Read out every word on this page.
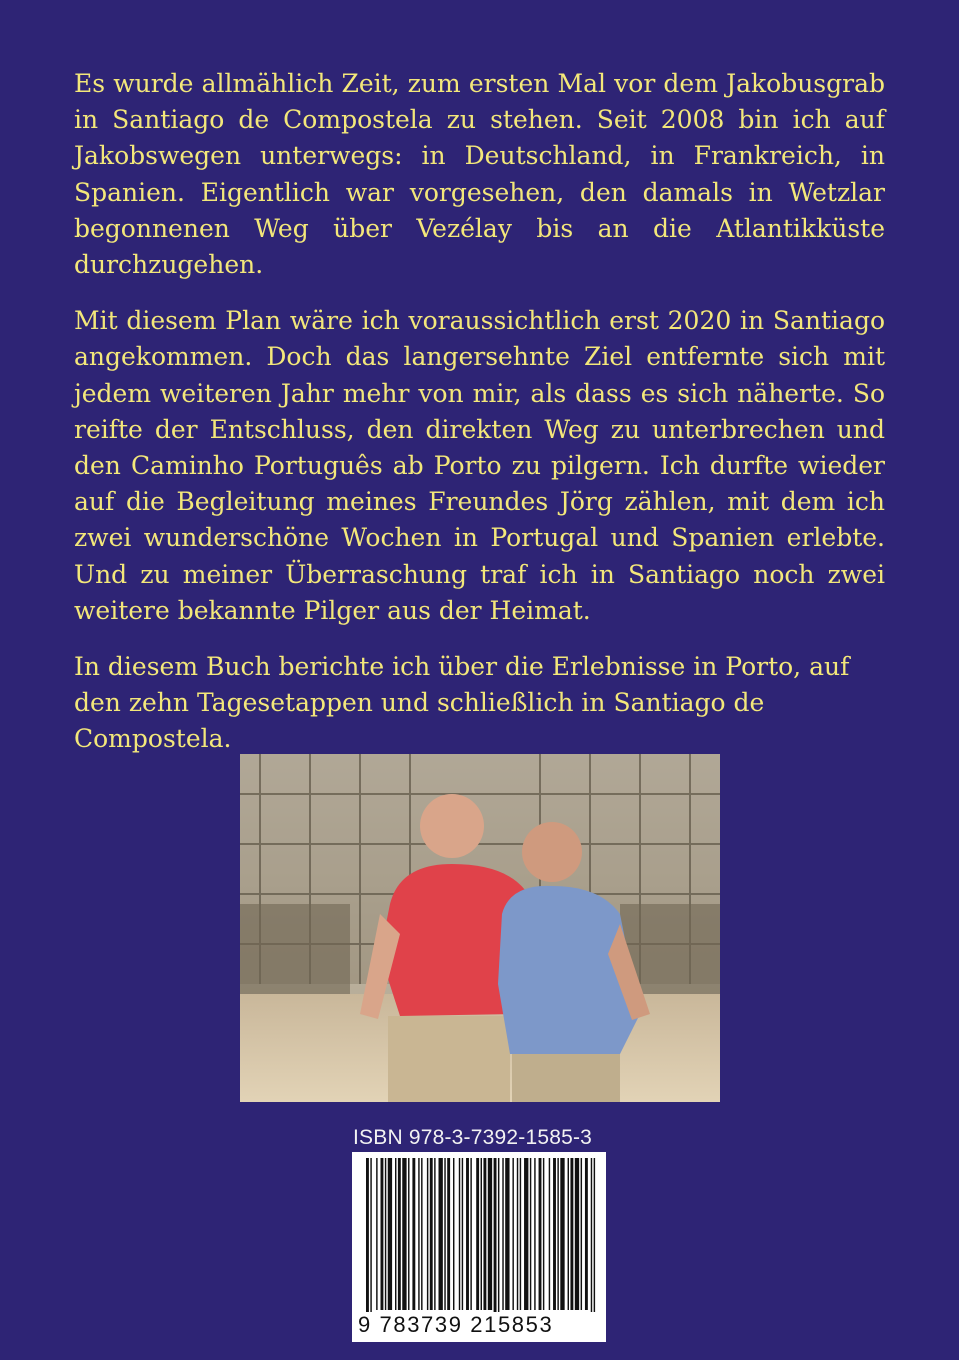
Es wurde allmählich Zeit, zum ersten Mal vor dem Jakobusgrab in Santiago de Compostela zu stehen. Seit 2008 bin ich auf Jakobswegen unterwegs: in Deutschland, in Frankreich, in Spanien. Eigentlich war vorgesehen, den damals in Wetzlar begonnenen Weg über Vezélay bis an die Atlantikküste durchzugehen.

Mit diesem Plan wäre ich voraussichtlich erst 2020 in Santiago angekommen. Doch das langersehnte Ziel entfernte sich mit jedem weiteren Jahr mehr von mir, als dass es sich näherte. So reifte der Entschluss, den direkten Weg zu unterbrechen und den Caminho Português ab Porto zu pilgern. Ich durfte wieder auf die Begleitung meines Freundes Jörg zählen, mit dem ich zwei wunderschöne Wochen in Portugal und Spanien erlebte. Und zu meiner Überraschung traf ich in Santiago noch zwei weitere bekannte Pilger aus der Heimat.

In diesem Buch berichte ich über die Erlebnisse in Porto, auf den zehn Tagesetappen und schließlich in Santiago de Compostela.

ISBN 978-3-7392-1585-3
9 783739 215853
